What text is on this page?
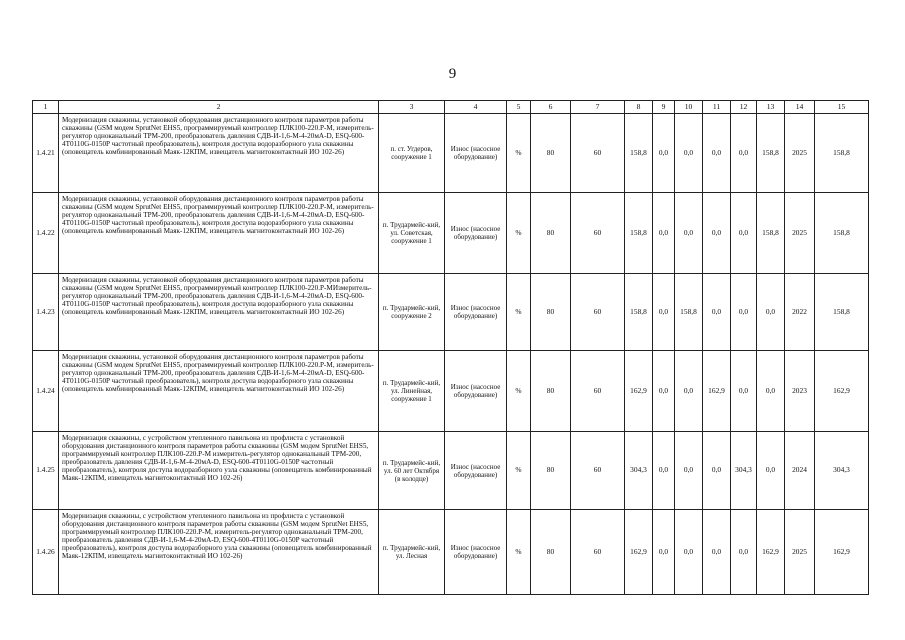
9
1	2	3	4	5	6	7	8	9	10	11	12	13	14	15
1.4.21	Модернизация скважины, установкой оборудования дистанционного контроля параметров работы скважины (GSM модем SprutNet EHS5, программируемый контроллер ПЛК100-220.Р-М, измеритель-регулятор одноканальный ТРМ-200, преобразователь давления СДВ-И-1,6-М-4-20мА-D, ESQ-600-4Т0110G-0150P частотный преобразователь), контроля доступа водоразборного узла скважины (оповещатель комбинированный Маяк-12КПМ, извещатель магнитоконтактный ИО 102-26)	п. ст. Угдеров, сооружение 1	Износ (насосное оборудование)	%	80	60	158,8	0,0	0,0	0,0	0,0	158,8	2025	158,8
1.4.22	Модернизация скважины, установкой оборудования дистанционного контроля параметров работы скважины (GSM модем SprutNet EHS5, программируемый контроллер ПЛК100-220.Р-М, измеритель-регулятор одноканальный ТРМ-200, преобразователь давления СДВ-И-1,6-М-4-20мА-D, ESQ-600-4Т0110G-0150P частотный преобразователь), контроля доступа водоразборного узла скважины (оповещатель комбинированный Маяк-12КПМ, извещатель магнитоконтактный ИО 102-26)	п. Трудармейс-кий, ул. Советская, сооружение 1	Износ (насосное оборудование)	%	80	60	158,8	0,0	0,0	0,0	0,0	158,8	2025	158,8
1.4.23	Модернизация скважины, установкой оборудования дистанционного контроля параметров работы скважины (GSM модем SprutNet EHS5, программируемый контроллер ПЛК100-220.Р-МИзмеритель-регулятор одноканальный ТРМ-200, преобразователь давления СДВ-И-1,6-М-4-20мА-D, ESQ-600-4Т0110G-0150P частотный преобразователь), контроля доступа водоразборного узла скважины (оповещатель комбинированный Маяк-12КПМ, извещатель магнитоконтактный ИО 102-26)	п. Трудармейс-кий, сооружение 2	Износ (насосное оборудование)	%	80	60	158,8	0,0	158,8	0,0	0,0	0,0	2022	158,8
1.4.24	Модернизация скважины, установкой оборудования дистанционного контроля параметров работы скважины (GSM модем SprutNet EHS5, программируемый контроллер ПЛК100-220.Р-М, измеритель-регулятор одноканальный ТРМ-200, преобразователь давления СДВ-И-1,6-М-4-20мА-D, ESQ-600-4Т0110G-0150P частотный преобразователь), контроля доступа водоразборного узла скважины (оповещатель комбинированный Маяк-12КПМ, извещатель магнитоконтактный ИО 102-26)	п. Трудармейс-кий, ул. Линейная, сооружение 1	Износ (насосное оборудование)	%	80	60	162,9	0,0	0,0	162,9	0,0	0,0	2023	162,9
1.4.25	Модернизация скважины, с устройством утепленного павильона из профлиста с установкой оборудования дистанционного контроля параметров работы скважины (GSM модем SprutNet EHS5, программируемый контроллер ПЛК100-220.Р-М измеритель-регулятор одноканальный ТРМ-200, преобразователь давления СДВ-И-1,6-М-4-20мА-D, ESQ-600-4Т0110G-0150P частотный преобразователь), контроля доступа водоразборного узла скважины (оповещатель комбинированный Маяк-12КПМ, извещатель магнитоконтактный ИО 102-26)	п. Трудармейс-кий, ул. 60 лет Октября (в колодце)	Износ (насосное оборудование)	%	80	60	304,3	0,0	0,0	0,0	304,3	0,0	2024	304,3
1.4.26	Модернизация скважины, с устройством утепленного павильона из профлиста с установкой оборудования дистанционного контроля параметров работы скважины (GSM модем SprutNet EHS5, программируемый контроллер ПЛК100-220.Р-М, измеритель-регулятор одноканальный ТРМ-200, преобразователь давления СДВ-И-1,6-М-4-20мА-D, ESQ-600-4Т0110G-0150P частотный преобразователь), контроля доступа водоразборного узла скважины (оповещатель комбинированный Маяк-12КПМ, извещатель магнитоконтактный ИО 102-26)	п. Трудармейс-кий, ул. Лесная	Износ (насосное оборудование)	%	80	60	162,9	0,0	0,0	0,0	0,0	162,9	2025	162,9
